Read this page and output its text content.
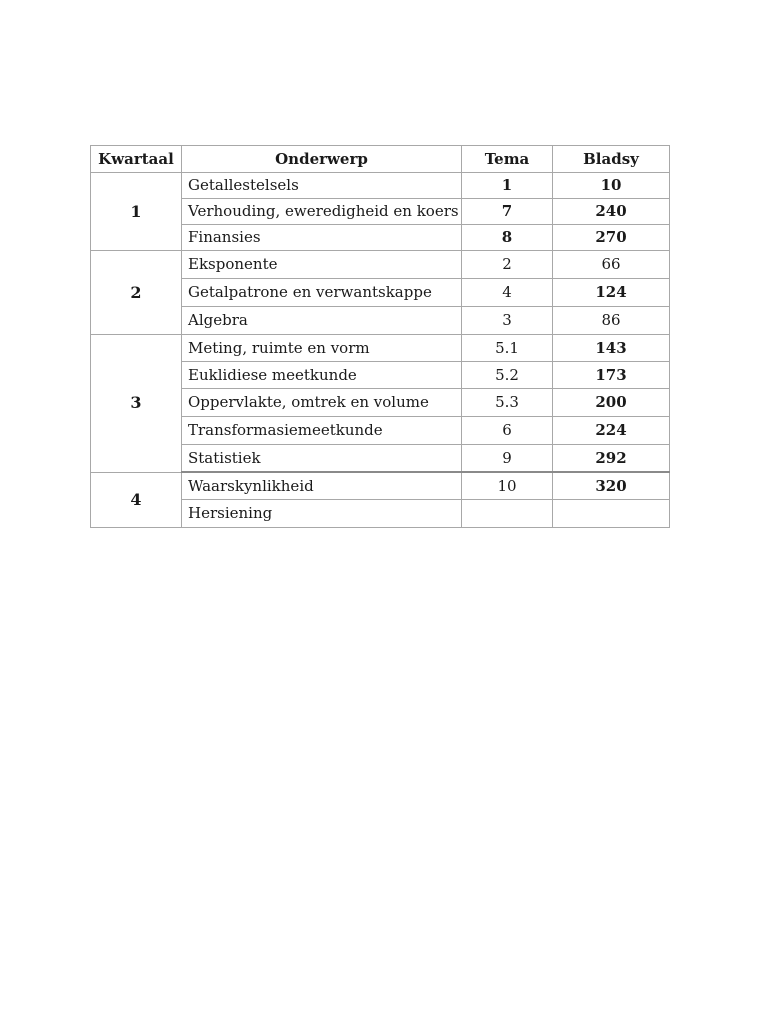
Kwartaal	Onderwerp	Tema	Bladsy
1	Getallestelsels	1	10
	Verhouding, eweredigheid en koers	7	240
	Finansies	8	270
2	Eksponente	2	66
	Getalpatrone en verwantskappe	4	124
	Algebra	3	86
3	Meting, ruimte en vorm	5.1	143
	Euklidiese meetkunde	5.2	173
	Oppervlakte, omtrek en volume	5.3	200
	Transformasiemeetkunde	6	224
	Statistiek	9	292
4	Waarskynlikheid	10	320
	Hersiening		
